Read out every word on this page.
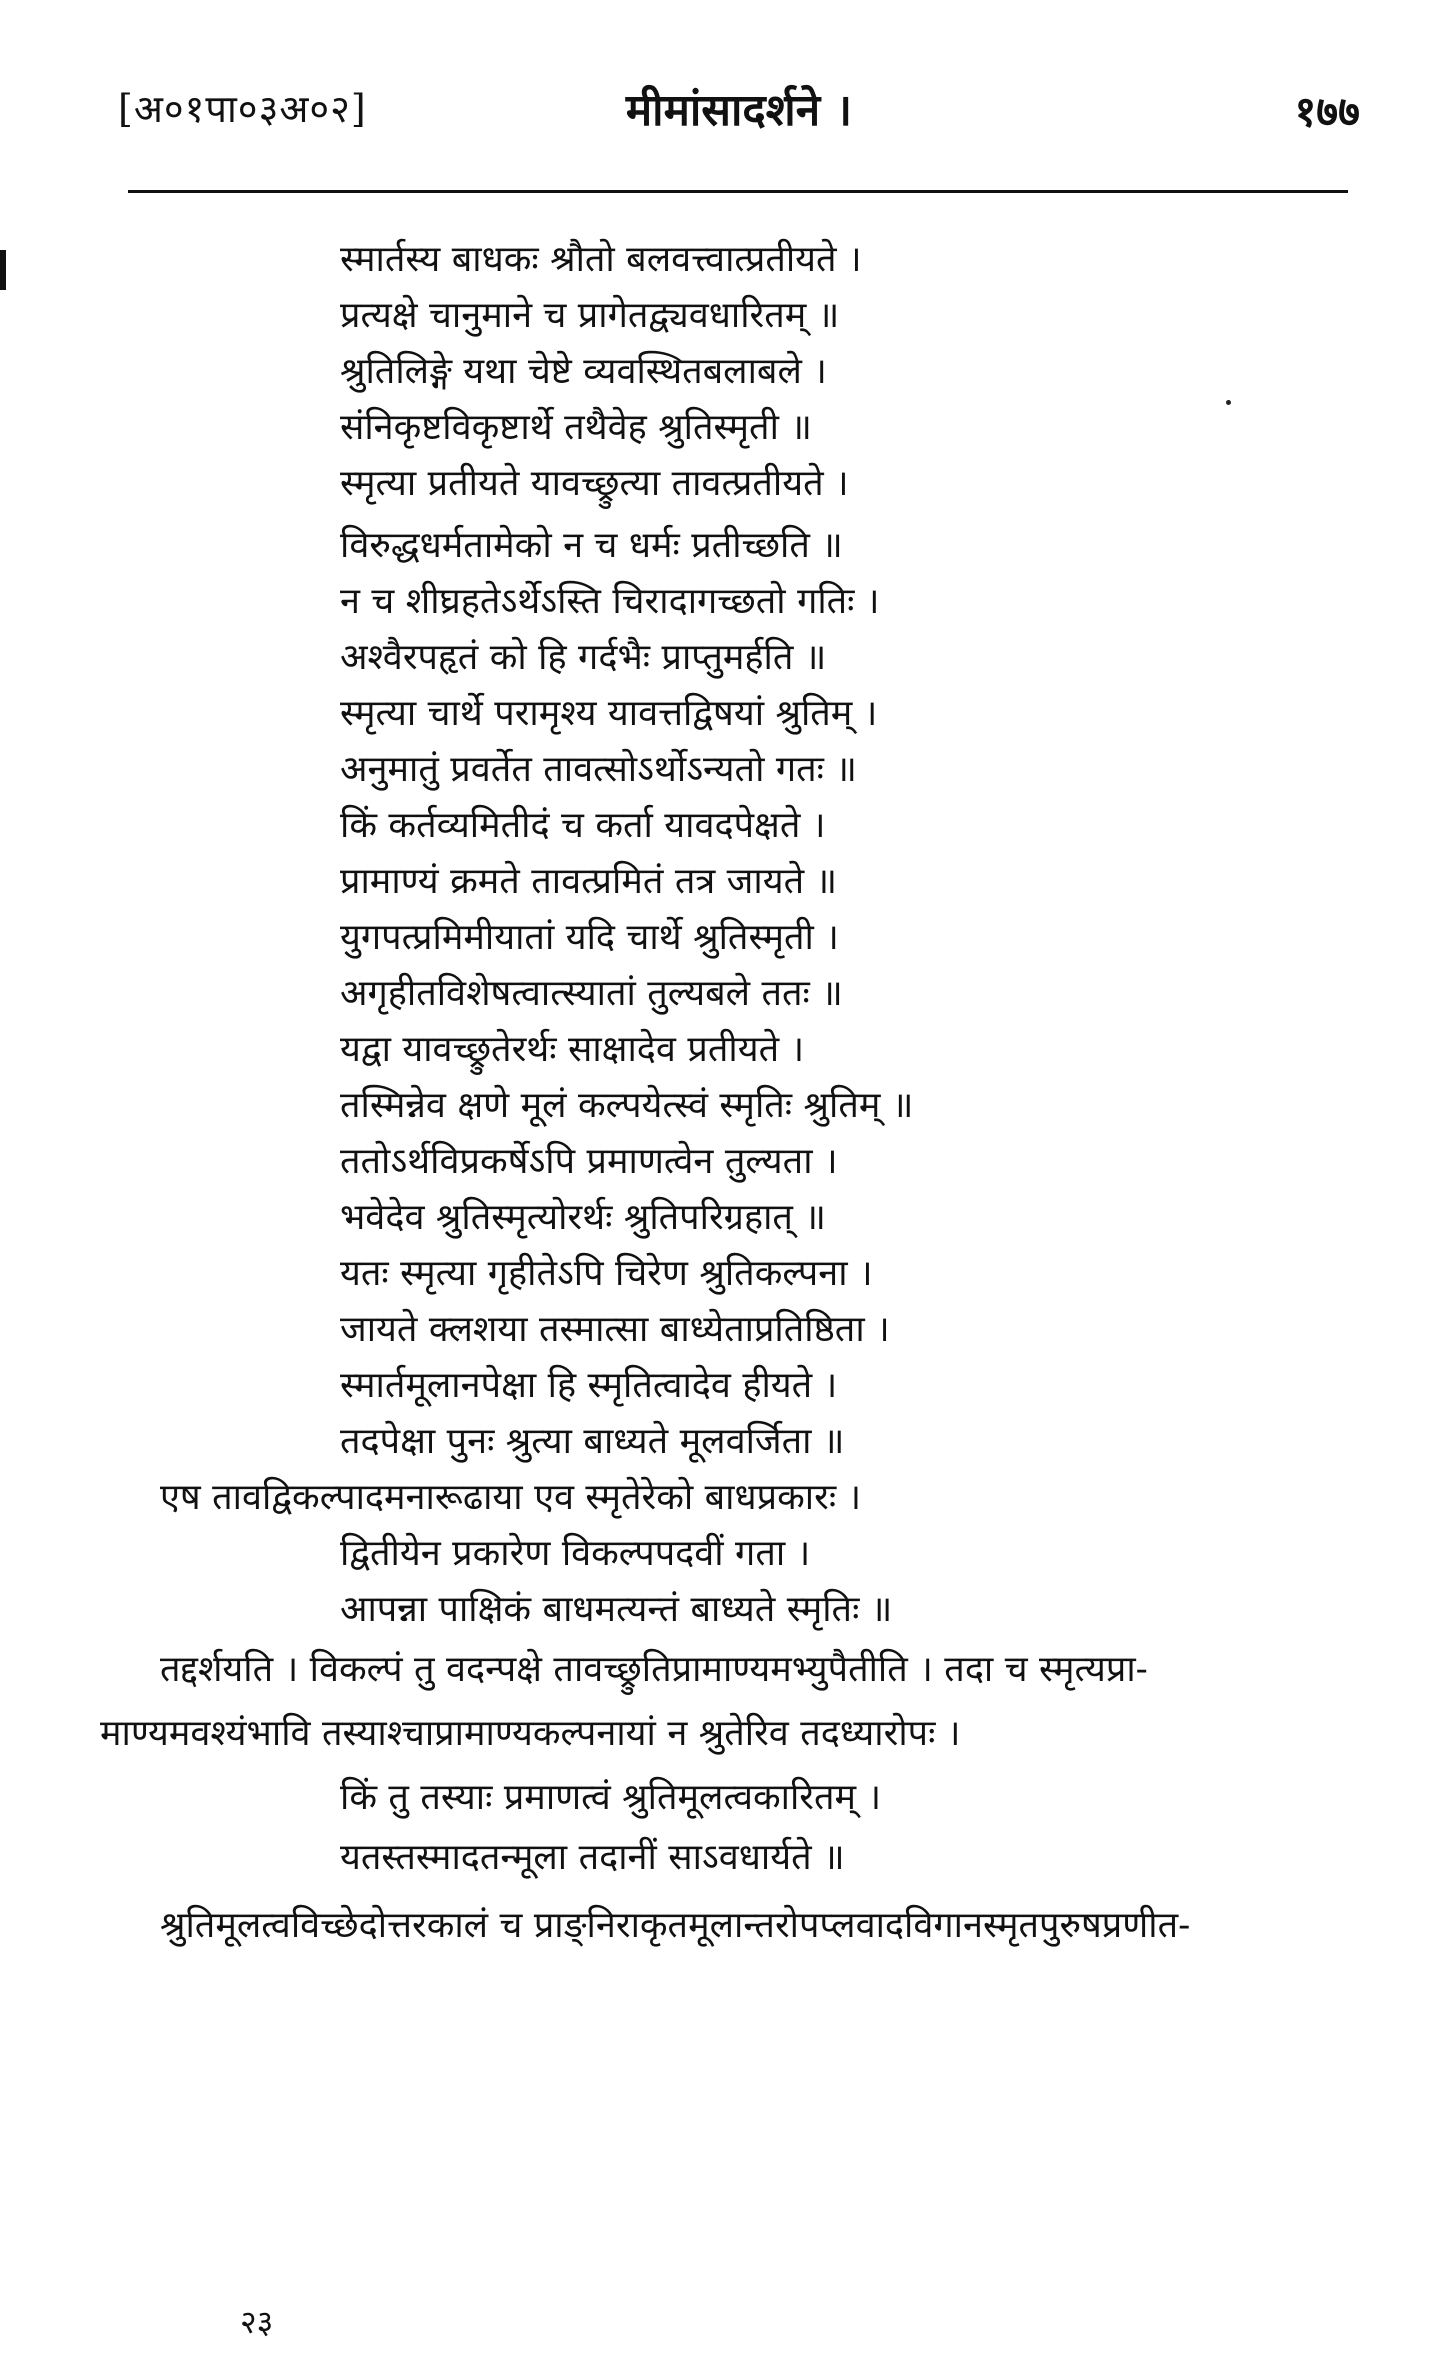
[अ०१पा०३अ०२]	मीमांसादर्शने ।	१७७
स्मार्तस्य बाधकः श्रौतो बलवत्त्वात्प्रतीयते ।
प्रत्यक्षे चानुमाने च प्रागेतद्व्यवधारितम् ॥
श्रुतिलिङ्गे यथा चेष्टे व्यवस्थितबलाबले ।
संनिकृष्टविकृष्टार्थे तथैवेह श्रुतिस्मृती ॥
स्मृत्या प्रतीयते यावच्छ्रुत्या तावत्प्रतीयते ।
विरुद्धधर्मतामेको न च धर्मः प्रतीच्छति ॥
न च शीघ्रहतेऽर्थेऽस्ति चिरादागच्छतो गतिः ।
अश्वैरपहृतं को हि गर्दभैः प्राप्तुमर्हति ॥
स्मृत्या चार्थे परामृश्य यावत्तद्विषयां श्रुतिम् ।
अनुमातुं प्रवर्तेत तावत्सोऽर्थोऽन्यतो गतः ॥
किं कर्तव्यमितीदं च कर्ता यावदपेक्षते ।
प्रामाण्यं क्रमते तावत्प्रमितं तत्र जायते ॥
युगपत्प्रमिमीयातां यदि चार्थे श्रुतिस्मृती ।
अगृहीतविशेषत्वात्स्यातां तुल्यबले ततः ॥
यद्वा यावच्छ्रुतेरर्थः साक्षादेव प्रतीयते ।
तस्मिन्नेव क्षणे मूलं कल्पयेत्स्वं स्मृतिः श्रुतिम् ॥
ततोऽर्थविप्रकर्षेऽपि प्रमाणत्वेन तुल्यता ।
भवेदेव श्रुतिस्मृत्योरर्थः श्रुतिपरिग्रहात् ॥
यतः स्मृत्या गृहीतेऽपि चिरेण श्रुतिकल्पना ।
जायते क्लशया तस्मात्सा बाध्येताप्रतिष्ठिता ।
स्मार्तमूलानपेक्षा हि स्मृतित्वादेव हीयते ।
तदपेक्षा पुनः श्रुत्या बाध्यते मूलवर्जिता ॥
एष तावद्विकल्पादमनारूढाया एव स्मृतेरेको बाधप्रकारः ।
द्वितीयेन प्रकारेण विकल्पपदवीं गता ।
आपन्ना पाक्षिकं बाधमत्यन्तं बाध्यते स्मृतिः ॥
तद्दर्शयति । विकल्पं तु वदन्पक्षे तावच्छ्रुतिप्रामाण्यमभ्युपैतीति । तदा च स्मृत्यप्रा-
माण्यमवश्यंभावि तस्याश्चाप्रामाण्यकल्पनायां न श्रुतेरिव तदध्यारोपः ।
किं तु तस्याः प्रमाणत्वं श्रुतिमूलत्वकारितम् ।
यतस्तस्मादतन्मूला तदानीं साऽवधार्यते ॥
श्रुतिमूलत्वविच्छेदोत्तरकालं च प्राङ्निराकृतमूलान्तरोपप्लवादविगानस्मृतपुरुषप्रणीत-
२३
